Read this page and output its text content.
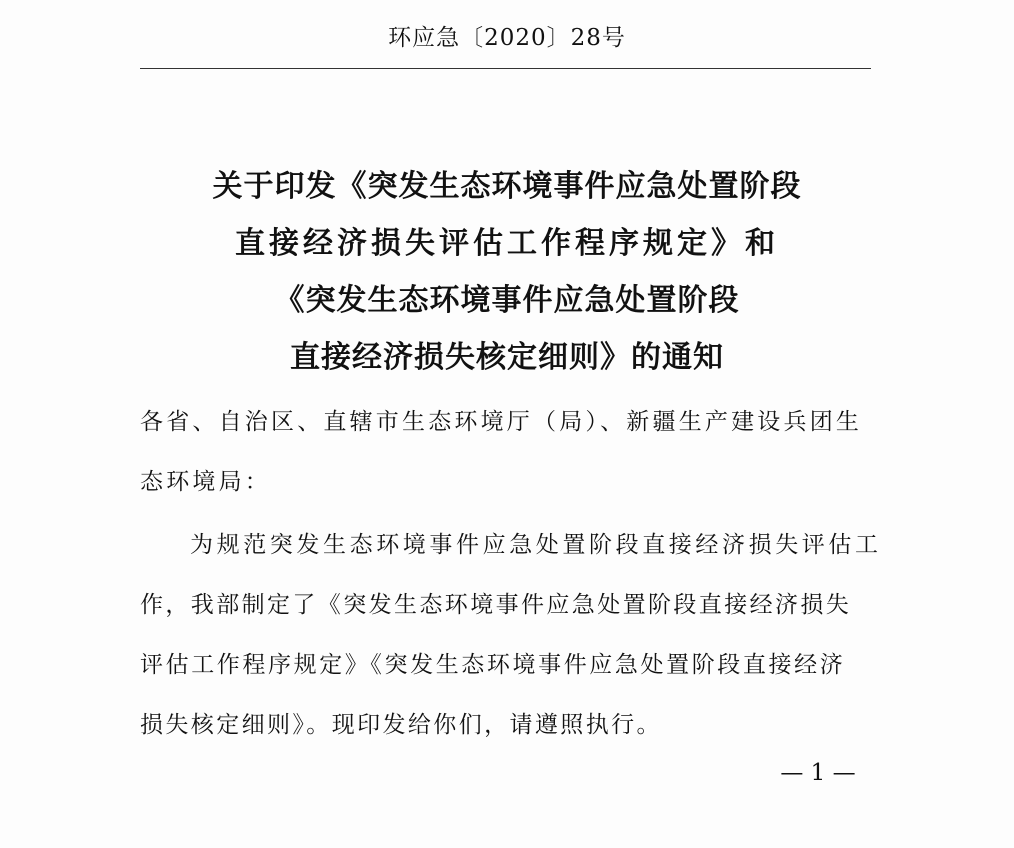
环应急〔2020〕28号
关于印发《突发生态环境事件应急处置阶段
直接经济损失评估工作程序规定》和
《突发生态环境事件应急处置阶段
直接经济损失核定细则》的通知
各省、自治区、直辖市生态环境厅（局）、新疆生产建设兵团生
态环境局：
为规范突发生态环境事件应急处置阶段直接经济损失评估工
作，我部制定了《突发生态环境事件应急处置阶段直接经济损失
评估工作程序规定》《突发生态环境事件应急处置阶段直接经济
损失核定细则》。现印发给你们，请遵照执行。
— 1 —
